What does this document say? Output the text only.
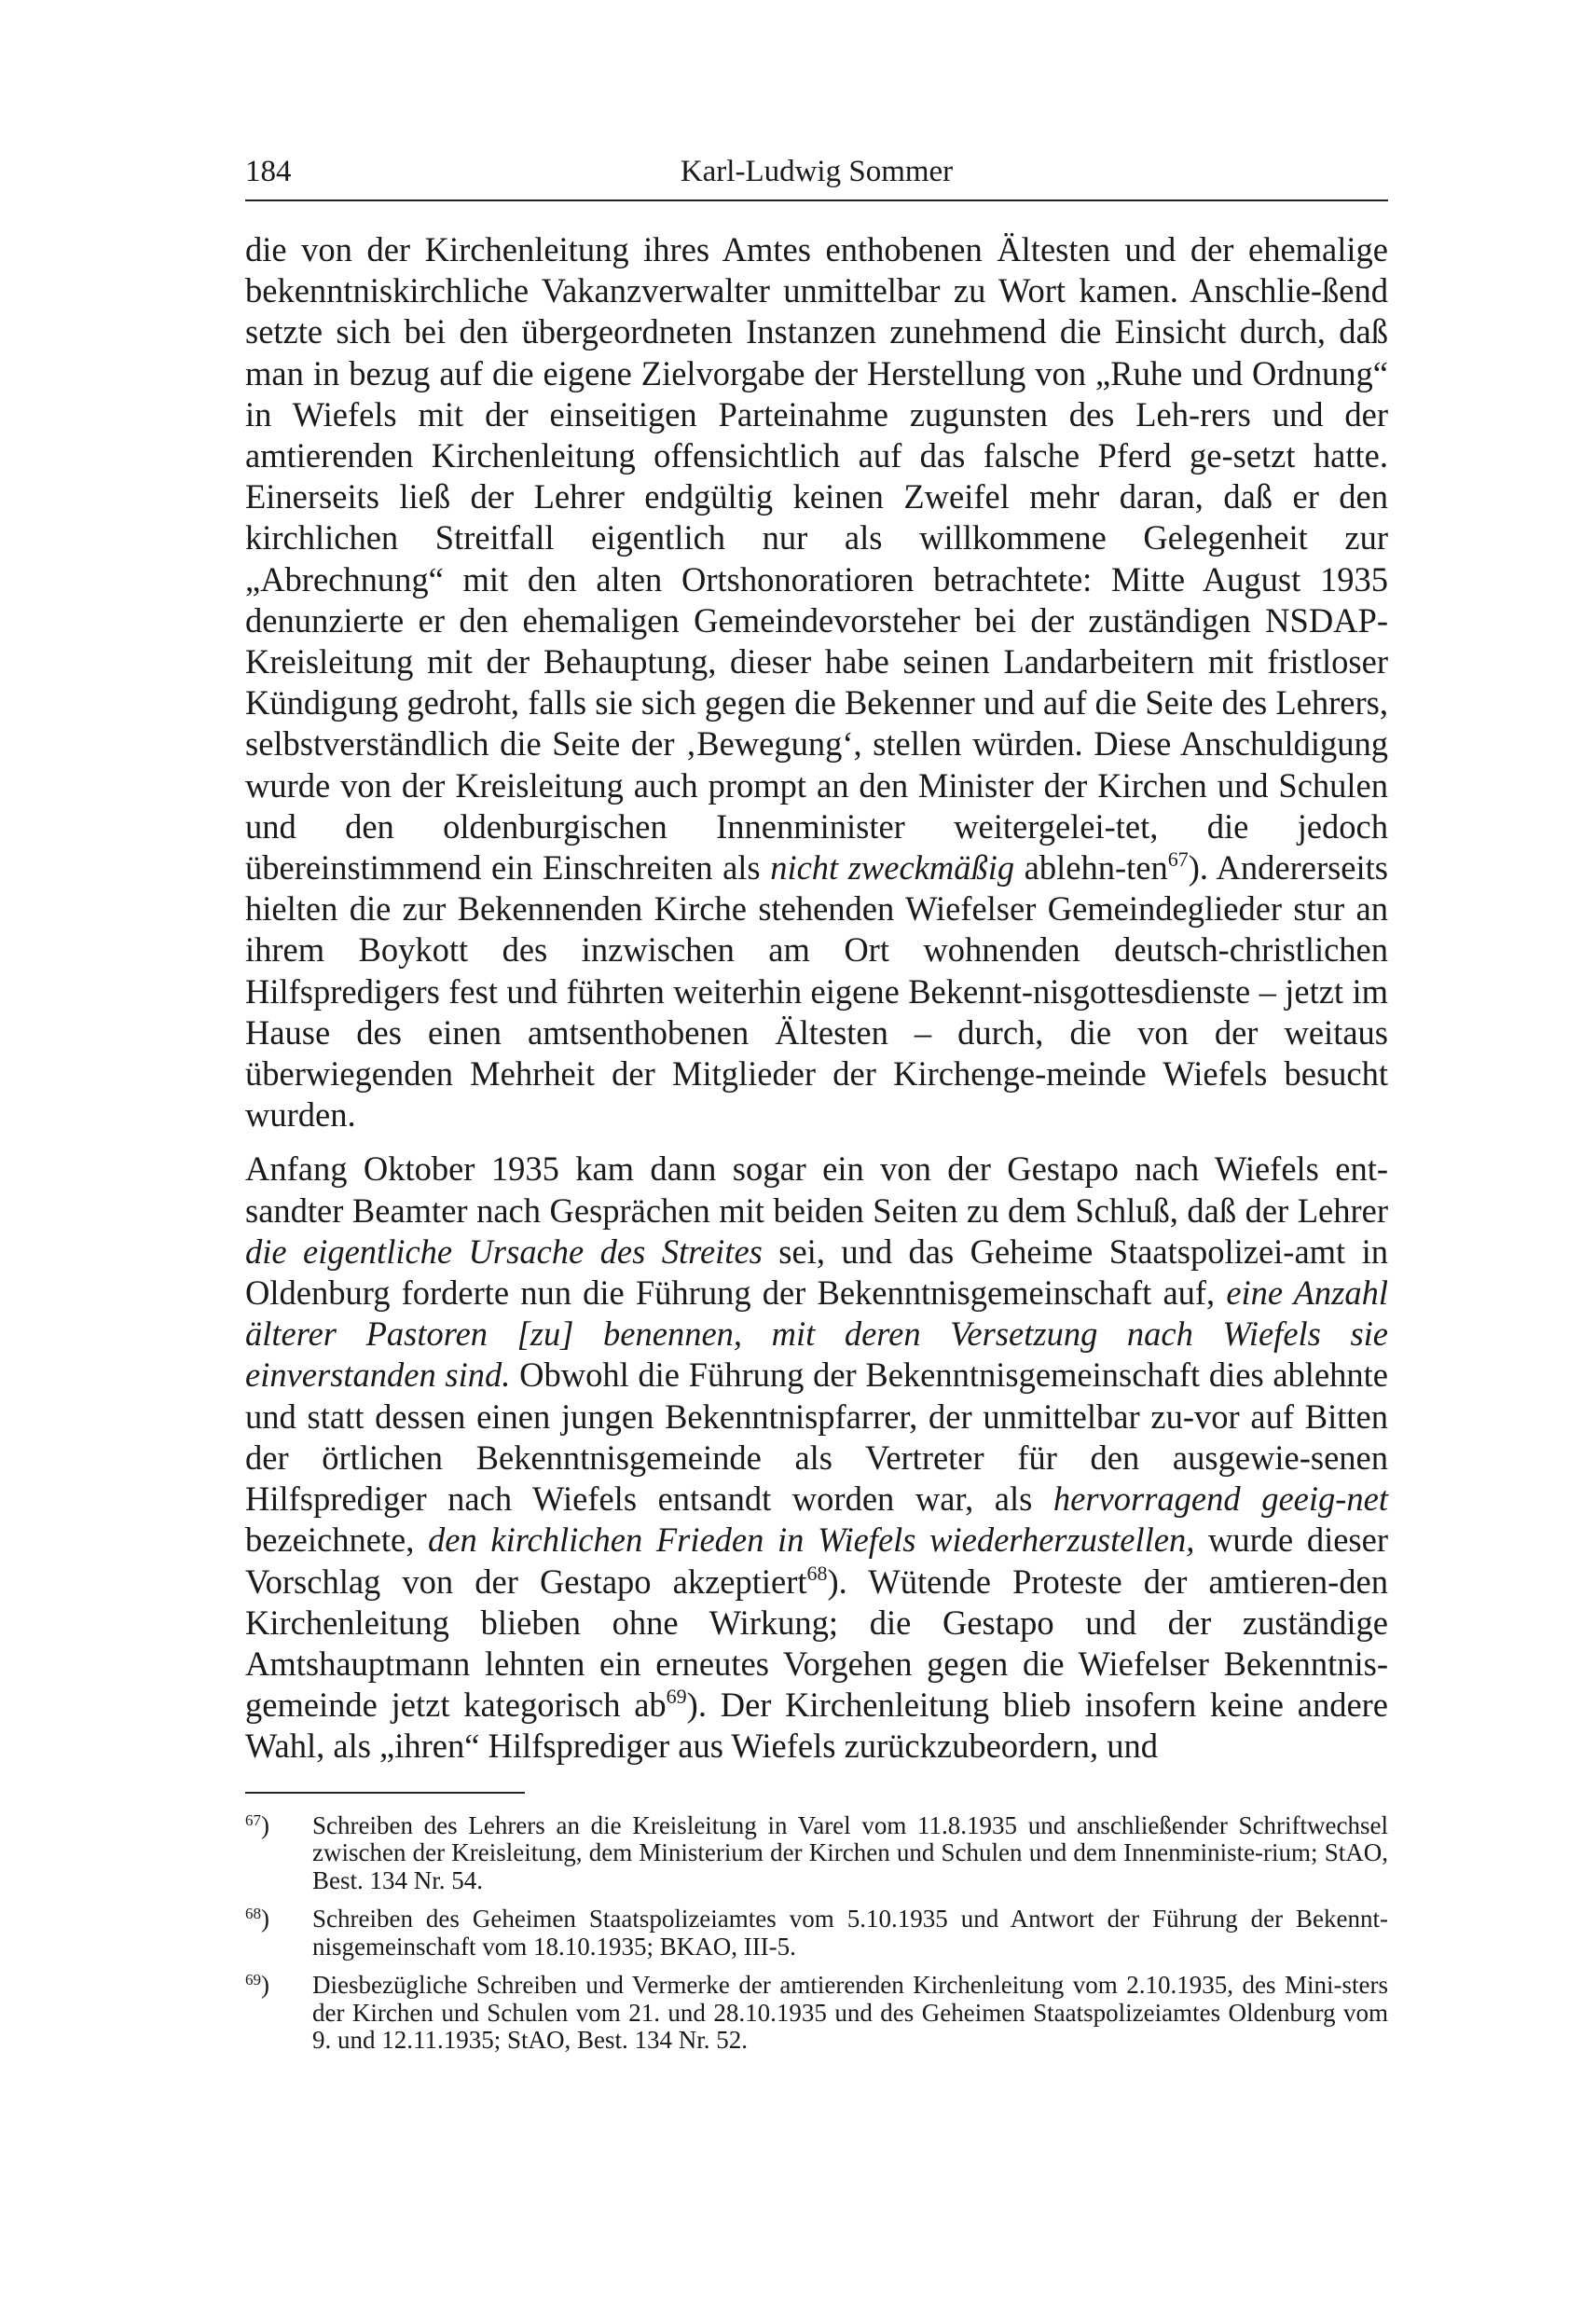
184	Karl-Ludwig Sommer

die von der Kirchenleitung ihres Amtes enthobenen Ältesten und der ehemalige bekenntniskirchliche Vakanzverwalter unmittelbar zu Wort kamen. Anschlie-ßend setzte sich bei den übergeordneten Instanzen zunehmend die Einsicht durch, daß man in bezug auf die eigene Zielvorgabe der Herstellung von „Ruhe und Ordnung“ in Wiefels mit der einseitigen Parteinahme zugunsten des Leh-rers und der amtierenden Kirchenleitung offensichtlich auf das falsche Pferd ge-setzt hatte. Einerseits ließ der Lehrer endgültig keinen Zweifel mehr daran, daß er den kirchlichen Streitfall eigentlich nur als willkommene Gelegenheit zur „Abrechnung“ mit den alten Ortshonoratioren betrachtete: Mitte August 1935 denunzierte er den ehemaligen Gemeindevorsteher bei der zuständigen NSDAP-Kreisleitung mit der Behauptung, dieser habe seinen Landarbeitern mit fristloser Kündigung gedroht, falls sie sich gegen die Bekenner und auf die Seite des Lehrers, selbstverständlich die Seite der ‚Bewegung‘, stellen würden. Diese Anschuldigung wurde von der Kreisleitung auch prompt an den Minister der Kirchen und Schulen und den oldenburgischen Innenminister weitergelei-tet, die jedoch übereinstimmend ein Einschreiten als nicht zweckmäßig ablehn-ten$^{67}$). Andererseits hielten die zur Bekennenden Kirche stehenden Wiefelser Gemeindeglieder stur an ihrem Boykott des inzwischen am Ort wohnenden deutsch-christlichen Hilfspredigers fest und führten weiterhin eigene Bekennt-nisgottesdienste – jetzt im Hause des einen amtsenthobenen Ältesten – durch, die von der weitaus überwiegenden Mehrheit der Mitglieder der Kirchenge-meinde Wiefels besucht wurden.

Anfang Oktober 1935 kam dann sogar ein von der Gestapo nach Wiefels ent-sandter Beamter nach Gesprächen mit beiden Seiten zu dem Schluß, daß der Lehrer die eigentliche Ursache des Streites sei, und das Geheime Staatspolizei-amt in Oldenburg forderte nun die Führung der Bekenntnisgemeinschaft auf, eine Anzahl älterer Pastoren [zu] benennen, mit deren Versetzung nach Wiefels sie einverstanden sind. Obwohl die Führung der Bekenntnisgemeinschaft dies ablehnte und statt dessen einen jungen Bekenntnispfarrer, der unmittelbar zu-vor auf Bitten der örtlichen Bekenntnisgemeinde als Vertreter für den ausgewie-senen Hilfsprediger nach Wiefels entsandt worden war, als hervorragend geeig-net bezeichnete, den kirchlichen Frieden in Wiefels wiederherzustellen, wurde dieser Vorschlag von der Gestapo akzeptiert$^{68}$). Wütende Proteste der amtieren-den Kirchenleitung blieben ohne Wirkung; die Gestapo und der zuständige Amtshauptmann lehnten ein erneutes Vorgehen gegen die Wiefelser Bekenntnis-gemeinde jetzt kategorisch ab$^{69}$). Der Kirchenleitung blieb insofern keine andere Wahl, als „ihren“ Hilfsprediger aus Wiefels zurückzubeordern, und

$^{67}$)	Schreiben des Lehrers an die Kreisleitung in Varel vom 11.8.1935 und anschließender Schriftwechsel zwischen der Kreisleitung, dem Ministerium der Kirchen und Schulen und dem Innenministe-rium; StAO, Best. 134 Nr. 54.
$^{68}$)	Schreiben des Geheimen Staatspolizeiamtes vom 5.10.1935 und Antwort der Führung der Bekennt-nisgemeinschaft vom 18.10.1935; BKAO, III-5.
$^{69}$)	Diesbezügliche Schreiben und Vermerke der amtierenden Kirchenleitung vom 2.10.1935, des Mini-sters der Kirchen und Schulen vom 21. und 28.10.1935 und des Geheimen Staatspolizeiamtes Oldenburg vom 9. und 12.11.1935; StAO, Best. 134 Nr. 52.
